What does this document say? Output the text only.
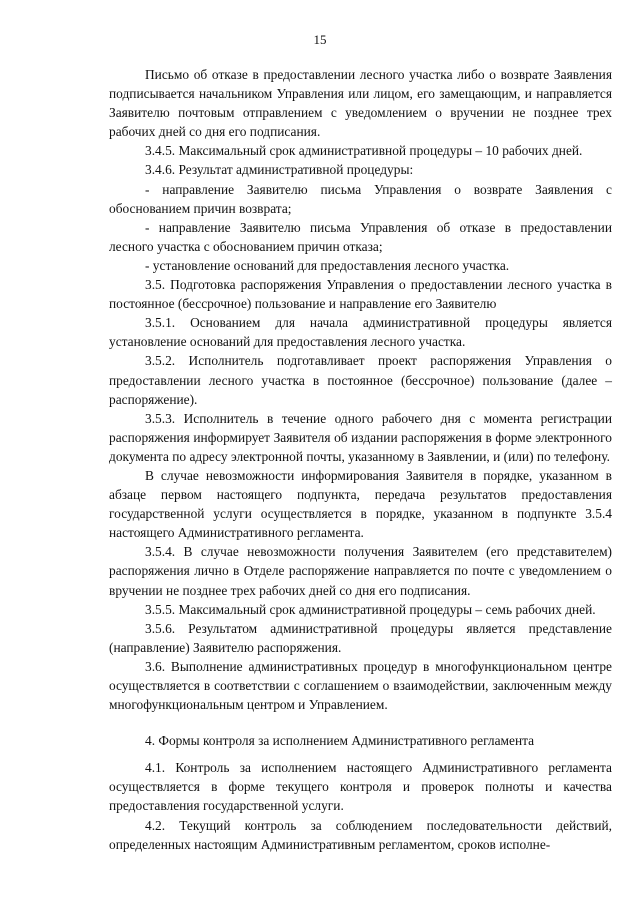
15

Письмо об отказе в предоставлении лесного участка либо о возврате Заявления подписывается начальником Управления или лицом, его замещающим, и направляется Заявителю почтовым отправлением с уведомлением о вручении не позднее трех рабочих дней со дня его подписания.

3.4.5. Максимальный срок административной процедуры – 10 рабочих дней.

3.4.6. Результат административной процедуры:

- направление Заявителю письма Управления о возврате Заявления с обоснованием причин возврата;

- направление Заявителю письма Управления об отказе в предоставлении лесного участка с обоснованием причин отказа;

- установление оснований для предоставления лесного участка.

3.5. Подготовка распоряжения Управления о предоставлении лесного участка в постоянное (бессрочное) пользование и направление его Заявителю

3.5.1. Основанием для начала административной процедуры является установление оснований для предоставления лесного участка.

3.5.2. Исполнитель подготавливает проект распоряжения Управления о предоставлении лесного участка в постоянное (бессрочное) пользование (далее – распоряжение).

3.5.3. Исполнитель в течение одного рабочего дня с момента регистрации распоряжения информирует Заявителя об издании распоряжения в форме электронного документа по адресу электронной почты, указанному в Заявлении, и (или) по телефону.

В случае невозможности информирования Заявителя в порядке, указанном в абзаце первом настоящего подпункта, передача результатов предоставления государственной услуги осуществляется в порядке, указанном в подпункте 3.5.4 настоящего Административного регламента.

3.5.4. В случае невозможности получения Заявителем (его представителем) распоряжения лично в Отделе распоряжение направляется по почте с уведомлением о вручении не позднее трех рабочих дней со дня его подписания.

3.5.5. Максимальный срок административной процедуры – семь рабочих дней.

3.5.6. Результатом административной процедуры является представление (направление) Заявителю распоряжения.

3.6. Выполнение административных процедур в многофункциональном центре осуществляется в соответствии с соглашением о взаимодействии, заключенным между многофункциональным центром и Управлением.

4. Формы контроля за исполнением Административного регламента

4.1. Контроль за исполнением настоящего Административного регламента осуществляется в форме текущего контроля и проверок полноты и качества предоставления государственной услуги.

4.2. Текущий контроль за соблюдением последовательности действий, определенных настоящим Административным регламентом, сроков исполне-
